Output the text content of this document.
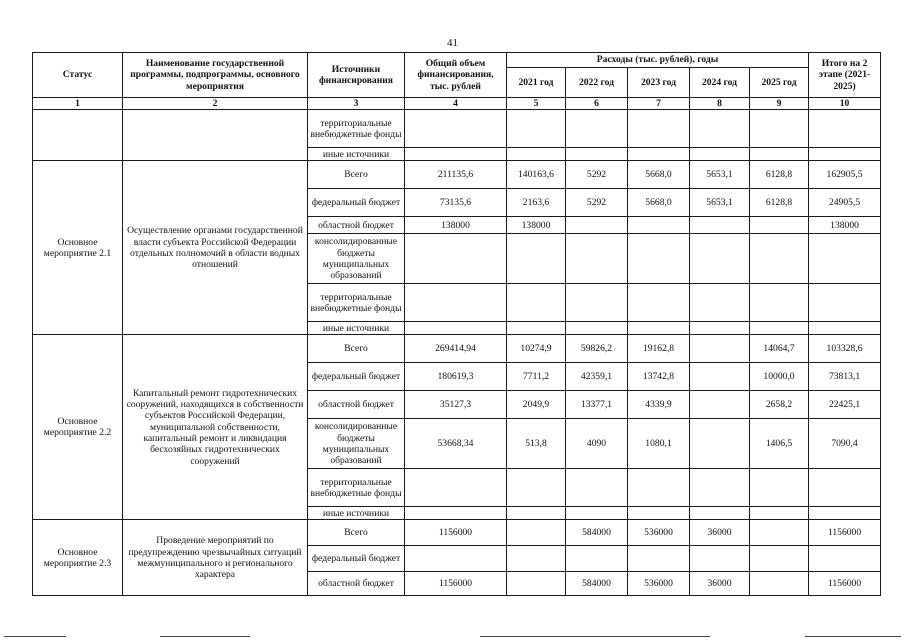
41
Статус	Наименование государственной программы, подпрограммы, основного мероприятия	Источники финансирования	Общий объем финансирования, тыс. рублей	Расходы (тыс. рублей), годы					Итого на 2 этапе (2021-2025)
				2021 год	2022 год	2023 год	2024 год	2025 год	
1	2	3	4	5	6	7	8	9	10
		территориальные внебюджетные фонды							
		иные источники							
Основное мероприятие 2.1	Осуществление органами государственной власти субъекта Российской Федерации отдельных полномочий в области водных отношений	Всего	211135,6	140163,6	5292	5668,0	5653,1	6128,8	162905,5
		федеральный бюджет	73135,6	2163,6	5292	5668,0	5653,1	6128,8	24905,5
		областной бюджет	138000	138000					138000
		консолидированные бюджеты муниципальных образований							
		территориальные внебюджетные фонды							
		иные источники							
Основное мероприятие 2.2	Капитальный ремонт гидротехнических сооружений, находящихся в собственности субъектов Российской Федерации, муниципальной собственности, капитальный ремонт и ликвидация бесхозяйных гидротехнических сооружений	Всего	269414,94	10274,9	59826,2	19162,8		14064,7	103328,6
		федеральный бюджет	180619,3	7711,2	42359,1	13742,8		10000,0	73813,1
		областной бюджет	35127,3	2049,9	13377,1	4339,9		2658,2	22425,1
		консолидированные бюджеты муниципальных образований	53668,34	513,8	4090	1080,1		1406,5	7090,4
		территориальные внебюджетные фонды							
		иные источники							
Основное мероприятие 2.3	Проведение мероприятий по предупреждению чрезвычайных ситуаций межмуниципального и регионального характера	Всего	1156000		584000	536000	36000		1156000
		федеральный бюджет							
		областной бюджет	1156000		584000	536000	36000		1156000
